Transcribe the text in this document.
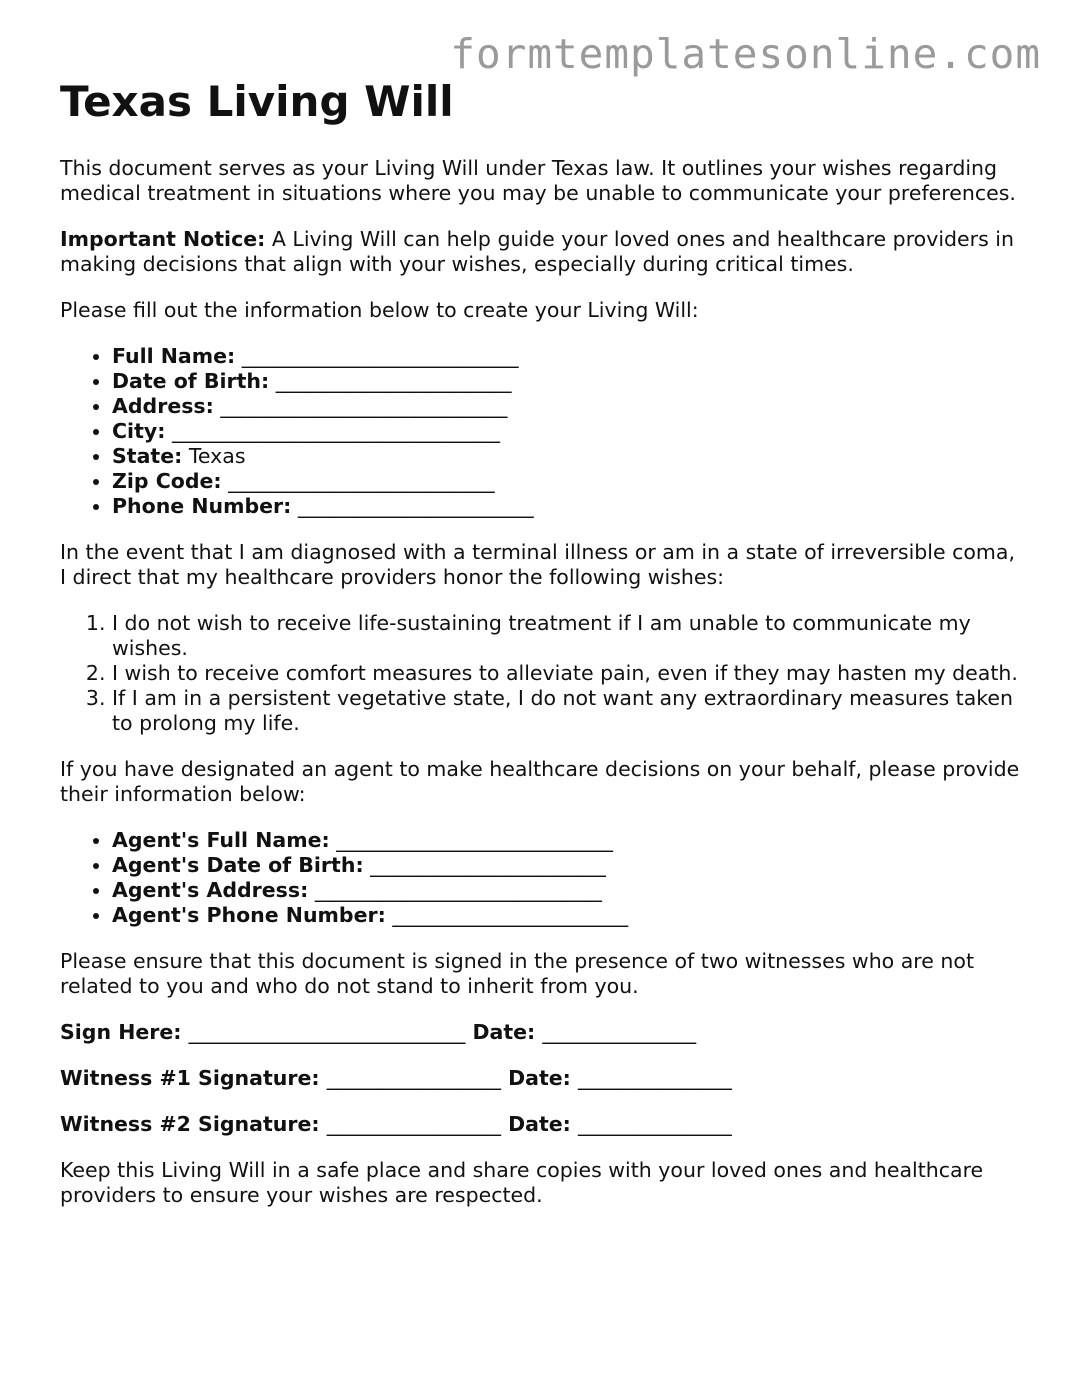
formtemplatesonline.com
Texas Living Will

This document serves as your Living Will under Texas law. It outlines your wishes regarding medical treatment in situations where you may be unable to communicate your preferences.

Important Notice: A Living Will can help guide your loved ones and healthcare providers in making decisions that align with your wishes, especially during critical times.

Please fill out the information below to create your Living Will:

• Full Name: ___________________________
• Date of Birth: _______________________
• Address: ____________________________
• City: ________________________________
• State: Texas
• Zip Code: __________________________
• Phone Number: _______________________

In the event that I am diagnosed with a terminal illness or am in a state of irreversible coma, I direct that my healthcare providers honor the following wishes:

1. I do not wish to receive life-sustaining treatment if I am unable to communicate my wishes.
2. I wish to receive comfort measures to alleviate pain, even if they may hasten my death.
3. If I am in a persistent vegetative state, I do not want any extraordinary measures taken to prolong my life.

If you have designated an agent to make healthcare decisions on your behalf, please provide their information below:

• Agent's Full Name: ___________________________
• Agent's Date of Birth: _______________________
• Agent's Address: ____________________________
• Agent's Phone Number: _______________________

Please ensure that this document is signed in the presence of two witnesses who are not related to you and who do not stand to inherit from you.

Sign Here: ___________________________ Date: _______________
Witness #1 Signature: _________________ Date: _______________
Witness #2 Signature: _________________ Date: _______________

Keep this Living Will in a safe place and share copies with your loved ones and healthcare providers to ensure your wishes are respected.
